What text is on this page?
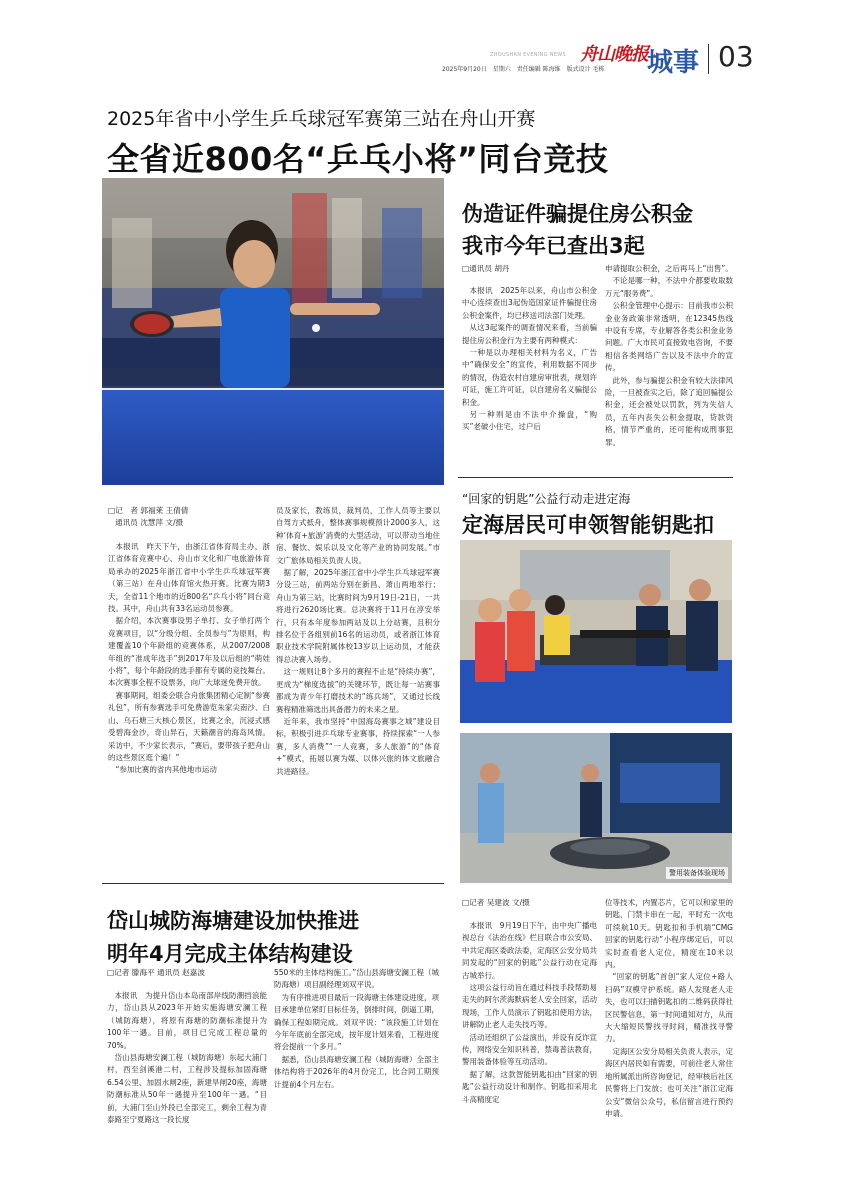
ZHOUSHAN EVENING NEWS 舟山晚报
2025年9月20日　星期六　责任编辑 陈海维　版式设计 毛栋 城事 03
2025年省中小学生乒乓球冠军赛第三站在舟山开赛
全省近800名“乒乓小将”同台竞技
□记　者 郭福莱 王倩倩
通讯员 沈慧萍 文/摄

本报讯　昨天下午，由浙江省体育局主办，浙江省体育竞赛中心、舟山市文化和广电旅游体育局承办的2025年浙江省中小学生乒乓球冠军赛（第三站）在舟山体育馆火热开赛。比赛为期3天，全省11个地市的近800名“乒乓小将”同台竞技。其中，舟山共有33名运动员参赛。

据介绍，本次赛事设男子单打、女子单打两个竞赛项目，以“分级分组、全员参与”为原则，构建覆盖10个年龄组的竞赛体系，从2007/2008年组的“准成年选手”到2017年及以后组的“萌娃小将”，每个年龄段的选手都有专属的竞技舞台。本次赛事全程不设票务，向广大球迷免费开放。

赛事期间，组委会联合舟旅集团精心定制“参赛礼包”，所有参赛选手可免费游览朱家尖南沙、白山、乌石塘三大核心景区，比赛之余，沉浸式感受碧海金沙，奇山异石，天籁潮音的海岛风情。采访中，不少家长表示，“赛后，要带孩子把舟山的这些景区逛个遍！”

“参加比赛的省内其他地市运动

员及家长，教练员，裁判员，工作人员等主要以自驾方式抵舟，整体赛事规模预计2000多人，这种‘体育+旅游’消费的大型活动，可以带动当地住宿、餐饮、娱乐以及文化等产业的协同发展。”市文广旅体局相关负责人说。

据了解，2025年浙江省中小学生乒乓球冠军赛分设三站，前两站分别在新昌、萧山两地举行；舟山为第三站，比赛时间为9月19日-21日，一共将进行2620场比赛。总决赛将于11月在淳安举行，只有本年度参加两站及以上分站赛，且积分排名位于各组别前16名的运动员，或者浙江体育职业技术学院附属体校13岁以上运动员，才能获得总决赛入场券。

这一规则让8个多月的赛程不止是“持续办赛”，更成为“梯度选拔”的关键环节，既让每一站赛事都成为青少年打磨技术的“练兵场”，又通过长线赛程精准筛选出具备潜力的未来之星。

近年来，我市坚持“中国海岛赛事之城”建设目标，积极引进乒乓球专业赛事，持续探索“一人参赛，多人消费”“一人竞赛，多人旅游”的“体育+”模式，拓展以赛为媒、以体兴旅的体文旅融合共进路径。

伪造证件骗提住房公积金
我市今年已查出3起
□通讯员 胡丹

本报讯　2025年以来，舟山市公积金中心连续查出3起伪造国家证件骗提住房公积金案件，均已移送司法部门处理。

从这3起案件的调查情况来看，当前骗提住房公积金行为主要有两种模式：

一种是以办理相关材料为名义，广告中“确保安全”的宣传，利用数据不同步的情况，伪造农村自建房审批表，规划许可证，施工许可证，以自建房名义骗提公积金。

另一种则是由不法中介操盘，“购买”老破小住宅，过户后

申请提取公积金，之后再马上“出售”。

不论是哪一种，不法中介都要收取数万元“服务费”。

公积金管理中心提示：目前我市公积金业务政策非常透明，在12345热线中设有专席，专业解答各类公积金业务问题。广大市民可直接致电咨询，不要相信各类网络广告以及不法中介的宣传。

此外，参与骗提公积金有较大法律风险，一旦被查实之后，除了追回骗提公积金，还会被处以罚款，列为失信人员，五年内丧失公积金提取，贷款资格，情节严重的，还可能构成刑事犯罪。

“回家的钥匙”公益行动走进定海
定海居民可申领智能钥匙扣
警用装备体验现场
□记者 吴建波 文/摄

本报讯　9月19日下午，由中央广播电视总台《法治在线》栏目联合市公安局、中共定海区委政法委，定海区公安分局共同发起的“回家的钥匙”公益行动在定海古城举行。

这项公益行动旨在通过科技手段帮助易走失的阿尔茨海默病老人安全回家，活动现场，工作人员演示了钥匙扣使用方法，讲解防止老人走失技巧等。

活动还组织了公益演出，并设有反诈宣传，网络安全知识科普，禁毒普法教育，警用装备体验等互动活动。

据了解，这款智能钥匙扣由“回家的钥匙”公益行动设计和制作。钥匙扣采用北斗高精度定

位等技术，内置芯片，它可以和家里的钥匙，门禁卡串在一起，平时充一次电可续航10天。钥匙扣和手机端“CMG回家的钥匙行动”小程序绑定后，可以实时查看老人定位，精度在10米以内。

“回家的钥匙”首创“家人定位+路人扫码”双模守护系统。路人发现老人走失，也可以扫描钥匙扣的二维码获得社区民警信息，第一时间通知对方，从而大大缩短民警找寻时间，精准找寻警力。

定海区公安分局相关负责人表示，定海区内居民如有需要，可前往老人常住地所属派出所咨询登记，经审核后社区民警将上门发放；也可关注“浙江定海公安”微信公众号，私信留言进行预约申请。

岱山城防海塘建设加快推进
明年4月完成主体结构建设
□记者 滕海平 通讯员 赵嘉波

本报讯　为提升岱山本岛南部岸线防潮挡浪能力，岱山县从2023年开始实施海塘安澜工程（城防海塘），将原有海塘的防潮标准提升为100年一遇。目前，项目已完成工程总量的70%。

岱山县海塘安澜工程（城防海塘）东起大浦门村，西至剑溪港二村，工程涉及提标加固海塘6.54公里、加固水闸2座，新建旱闸20座，海塘防潮标准从50年一遇提升至100年一遇。“目前，大浦门至山外段已全部完工，剩余工程为青泰路至宁夏路这一段长度

550米的主体结构施工。”岱山县海塘安澜工程（城防海塘）项目副经理刘双平说。

为有序推进项目最后一段海塘主体建设进度，项目承建单位紧盯目标任务，倒排时间，倒逼工期，确保工程如期完成。刘双平说：“该段施工计划在今年年底前全部完成，按年度计划来看，工程进度将会提前一个多月。”

据悉，岱山县海塘安澜工程（城防海塘）全部主体结构将于2026年的4月份完工，比合同工期预计提前4个月左右。
